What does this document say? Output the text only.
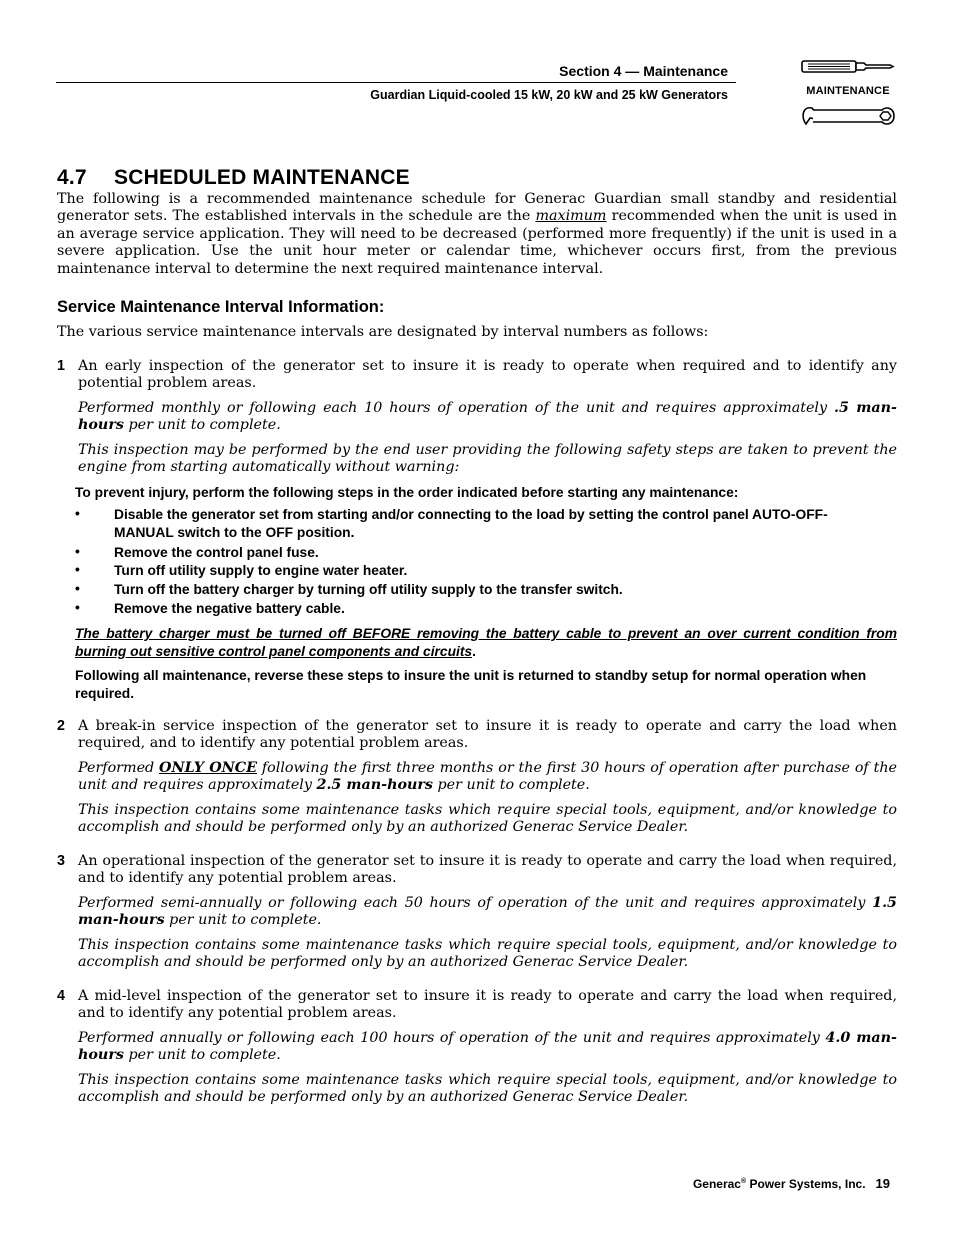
Section 4 — Maintenance
Guardian Liquid-cooled 15 kW, 20 kW and 25 kW Generators	MAINTENANCE
4.7 SCHEDULED MAINTENANCE
The following is a recommended maintenance schedule for Generac Guardian small standby and residential generator sets. The established intervals in the schedule are the maximum recommended when the unit is used in an average service application. They will need to be decreased (performed more frequently) if the unit is used in a severe application. Use the unit hour meter or calendar time, whichever occurs first, from the previous maintenance interval to determine the next required maintenance interval.
Service Maintenance Interval Information:
The various service maintenance intervals are designated by interval numbers as follows:
1 An early inspection of the generator set to insure it is ready to operate when required and to identify any potential problem areas.
Performed monthly or following each 10 hours of operation of the unit and requires approximately .5 man-hours per unit to complete.
This inspection may be performed by the end user providing the following safety steps are taken to prevent the engine from starting automatically without warning:
To prevent injury, perform the following steps in the order indicated before starting any maintenance:
• Disable the generator set from starting and/or connecting to the load by setting the control panel AUTO-OFF-MANUAL switch to the OFF position.
• Remove the control panel fuse.
• Turn off utility supply to engine water heater.
• Turn off the battery charger by turning off utility supply to the transfer switch.
• Remove the negative battery cable.
The battery charger must be turned off BEFORE removing the battery cable to prevent an over current condition from burning out sensitive control panel components and circuits.
Following all maintenance, reverse these steps to insure the unit is returned to standby setup for normal operation when required.
2 A break-in service inspection of the generator set to insure it is ready to operate and carry the load when required, and to identify any potential problem areas.
Performed ONLY ONCE following the first three months or the first 30 hours of operation after purchase of the unit and requires approximately 2.5 man-hours per unit to complete.
This inspection contains some maintenance tasks which require special tools, equipment, and/or knowledge to accomplish and should be performed only by an authorized Generac Service Dealer.
3 An operational inspection of the generator set to insure it is ready to operate and carry the load when required, and to identify any potential problem areas.
Performed semi-annually or following each 50 hours of operation of the unit and requires approximately 1.5 man-hours per unit to complete.
This inspection contains some maintenance tasks which require special tools, equipment, and/or knowledge to accomplish and should be performed only by an authorized Generac Service Dealer.
4 A mid-level inspection of the generator set to insure it is ready to operate and carry the load when required, and to identify any potential problem areas.
Performed annually or following each 100 hours of operation of the unit and requires approximately 4.0 man-hours per unit to complete.
This inspection contains some maintenance tasks which require special tools, equipment, and/or knowledge to accomplish and should be performed only by an authorized Generac Service Dealer.
Generac® Power Systems, Inc. 19
